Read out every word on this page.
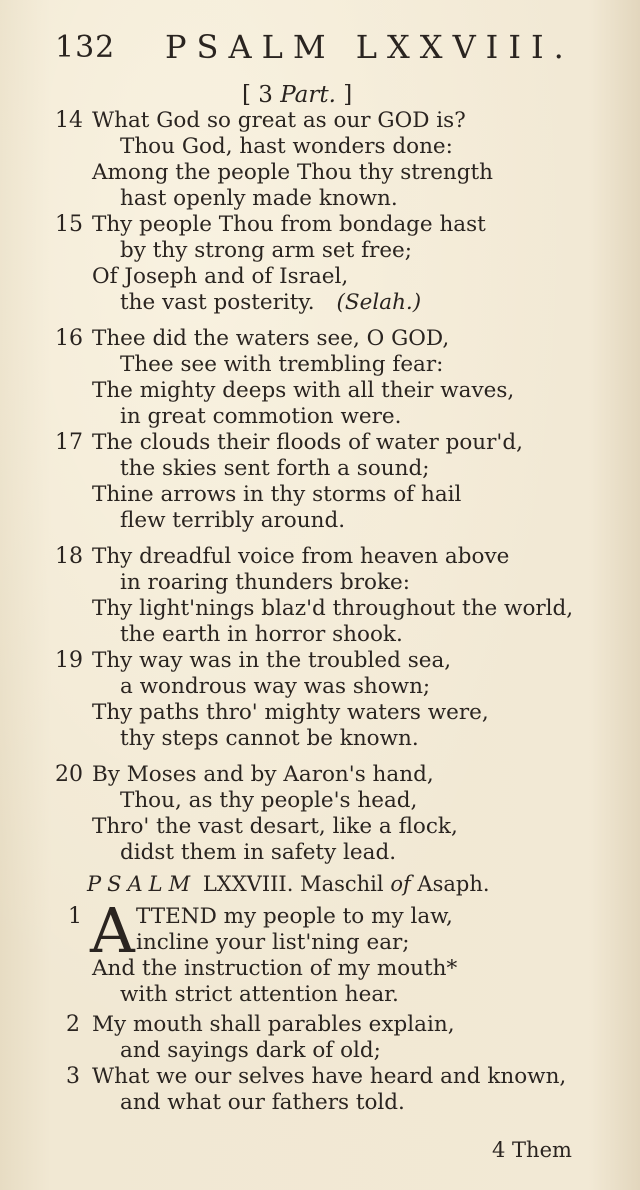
132 PSALM LXXVIII.
[ 3 Part. ]
14 What God so great as our GOD is?
Thou God, hast wonders done:
Among the people Thou thy strength
hast openly made known.
15 Thy people Thou from bondage hast
by thy strong arm set free;
Of Joseph and of Israel,
the vast posterity. (Selah.)
16 Thee did the waters see, O GOD,
Thee see with trembling fear:
The mighty deeps with all their waves,
in great commotion were.
17 The clouds their floods of water pour'd,
the skies sent forth a sound;
Thine arrows in thy storms of hail
flew terribly around.
18 Thy dreadful voice from heaven above
in roaring thunders broke:
Thy light'nings blaz'd throughout the world,
the earth in horror shook.
19 Thy way was in the troubled sea,
a wondrous way was shown;
Thy paths thro' mighty waters were,
thy steps cannot be known.
20 By Moses and by Aaron's hand,
Thou, as thy people's head,
Thro' the vast desart, like a flock,
didst them in safety lead.
PSALM LXXVIII. Maschil of Asaph.
1 A TTEND my people to my law,
incline your list'ning ear;
And the instruction of my mouth*
with strict attention hear.
2 My mouth shall parables explain,
and sayings dark of old;
3 What we our selves have heard and known,
and what our fathers told.
4 Them
